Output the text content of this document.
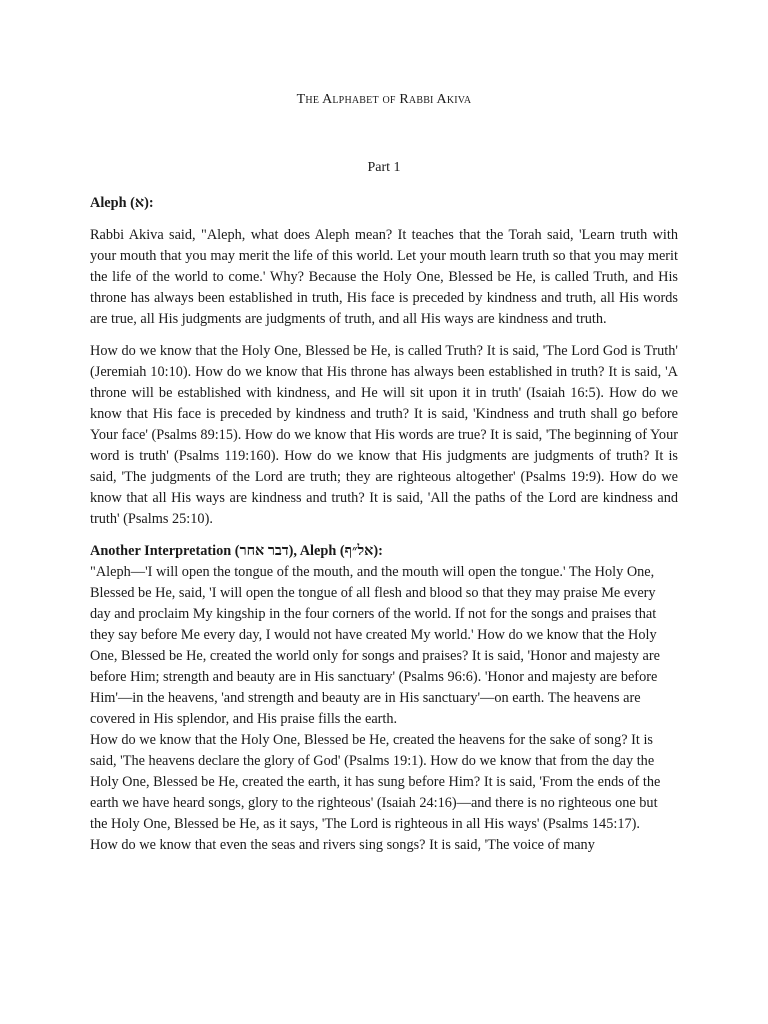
The Alphabet of Rabbi Akiva
Part 1
Aleph (א):

Rabbi Akiva said, "Aleph, what does Aleph mean? It teaches that the Torah said, 'Learn truth with your mouth that you may merit the life of this world. Let your mouth learn truth so that you may merit the life of the world to come.' Why? Because the Holy One, Blessed be He, is called Truth, and His throne has always been established in truth, His face is preceded by kindness and truth, all His words are true, all His judgments are judgments of truth, and all His ways are kindness and truth.

How do we know that the Holy One, Blessed be He, is called Truth? It is said, 'The Lord God is Truth' (Jeremiah 10:10). How do we know that His throne has always been established in truth? It is said, 'A throne will be established with kindness, and He will sit upon it in truth' (Isaiah 16:5). How do we know that His face is preceded by kindness and truth? It is said, 'Kindness and truth shall go before Your face' (Psalms 89:15). How do we know that His words are true? It is said, 'The beginning of Your word is truth' (Psalms 119:160). How do we know that His judgments are judgments of truth? It is said, 'The judgments of the Lord are truth; they are righteous altogether' (Psalms 19:9). How do we know that all His ways are kindness and truth? It is said, 'All the paths of the Lord are kindness and truth' (Psalms 25:10).

Another Interpretation (דבר אחר), Aleph (אל״ף):

"Aleph—'I will open the tongue of the mouth, and the mouth will open the tongue.' The Holy One, Blessed be He, said, 'I will open the tongue of all flesh and blood so that they may praise Me every day and proclaim My kingship in the four corners of the world. If not for the songs and praises that they say before Me every day, I would not have created My world.' How do we know that the Holy One, Blessed be He, created the world only for songs and praises? It is said, 'Honor and majesty are before Him; strength and beauty are in His sanctuary' (Psalms 96:6). 'Honor and majesty are before Him'—in the heavens, 'and strength and beauty are in His sanctuary'—on earth. The heavens are covered in His splendor, and His praise fills the earth.

How do we know that the Holy One, Blessed be He, created the heavens for the sake of song? It is said, 'The heavens declare the glory of God' (Psalms 19:1). How do we know that from the day the Holy One, Blessed be He, created the earth, it has sung before Him? It is said, 'From the ends of the earth we have heard songs, glory to the righteous' (Isaiah 24:16)—and there is no righteous one but the Holy One, Blessed be He, as it says, 'The Lord is righteous in all His ways' (Psalms 145:17).

How do we know that even the seas and rivers sing songs? It is said, 'The voice of many
